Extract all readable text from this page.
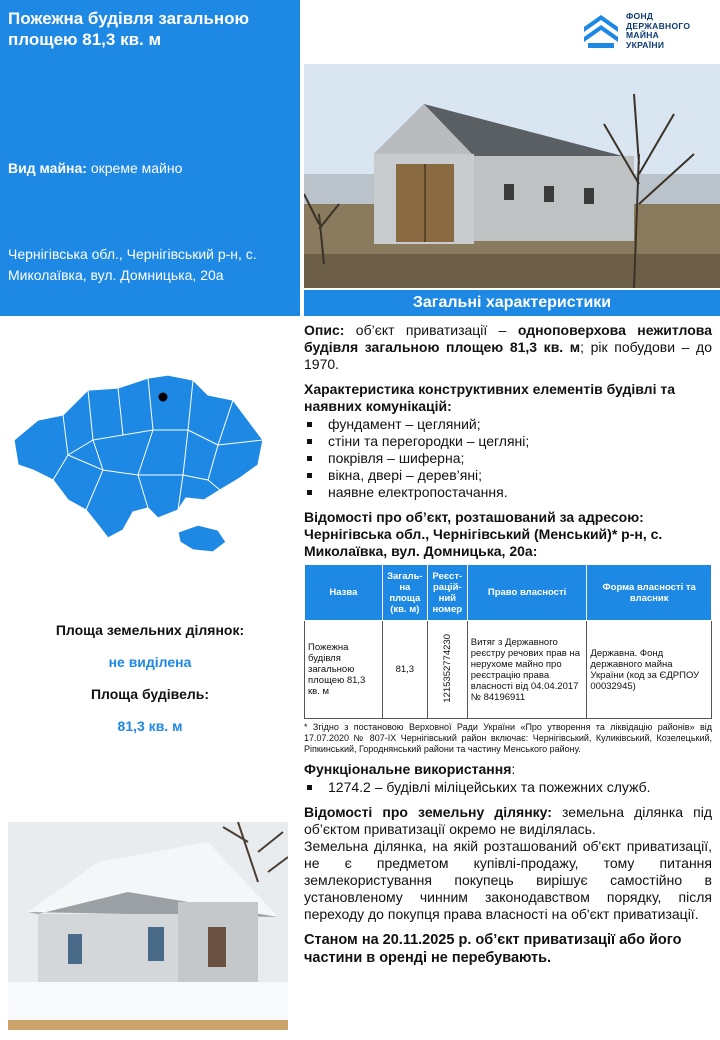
Пожежна будівля загальною площею 81,3 кв. м
Вид майна: окреме майно
Чернігівська обл., Чернігівський р-н, с. Миколаївка, вул. Домницька, 20а
ФОНД
ДЕРЖАВНОГО
МАЙНА
УКРАЇНИ
Загальні характеристики
Площа земельних ділянок:
не виділена
Площа будівель:
81,3 кв. м
Опис: об’єкт приватизації – одноповерхова нежитлова будівля загальною площею 81,3 кв. м; рік побудови – до 1970.
Характеристика конструктивних елементів будівлі та наявних комунікацій:
фундамент – цегляний;
стіни та перегородки – цегляні;
покрівля – шиферна;
вікна, двері – дерев’яні;
наявне електропостачання.
Відомості про об’єкт, розташований за адресою:
Чернігівська обл., Чернігівський (Менський)* р-н, с. Миколаївка, вул. Домницька, 20а:
Назва	Загаль-на площа (кв. м)	Реєст-рацій-ний номер	Право власності	Форма власності та власник
Пожежна будівля загальною площею 81,3 кв. м	81,3	1215352774230	Витяг з Державного реєстру речових прав на нерухоме майно про реєстрацію права власності від 04.04.2017 № 84196911	Державна. Фонд державного майна України (код за ЄДРПОУ 00032945)
* Згідно з постановою Верховної Ради України «Про утворення та ліквідацію районів» від 17.07.2020 № 807-IX Чернігівський район включає: Чернігівський, Куликівський, Козелецький, Ріпкинський, Городнянський райони та частину Менського району.
Функціональне використання:
1274.2 – будівлі міліцейських та пожежних служб.
Відомості про земельну ділянку: земельна ділянка під об’єктом приватизації окремо не виділялась.
Земельна ділянка, на якій розташований об'єкт приватизації, не є предметом купівлі-продажу, тому питання землекористування покупець вирішує самостійно в установленому чинним законодавством порядку, після переходу до покупця права власності на об'єкт приватизації.
Станом на 20.11.2025 р. об’єкт приватизації або його частини в оренді не перебувають.
